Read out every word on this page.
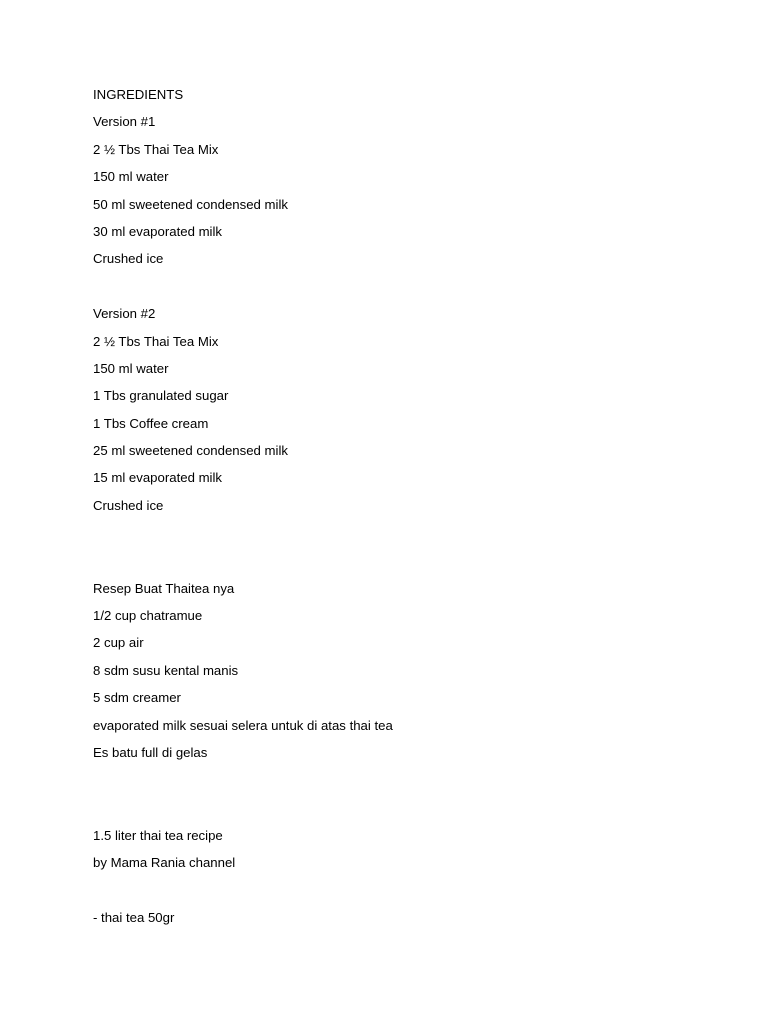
INGREDIENTS
Version #1
2 ½ Tbs Thai Tea Mix
150 ml water
50 ml sweetened condensed milk
30 ml evaporated milk
Crushed ice
Version #2
2 ½ Tbs Thai Tea Mix
150 ml water
1 Tbs granulated sugar
1 Tbs Coffee cream
25 ml sweetened condensed milk
15 ml evaporated milk
Crushed ice
Resep Buat Thaitea nya
1/2 cup chatramue
2 cup air
8 sdm susu kental manis
5 sdm creamer
evaporated milk sesuai selera untuk di atas thai tea
Es batu full di gelas
1.5 liter thai tea recipe
by Mama Rania channel
- thai tea 50gr
